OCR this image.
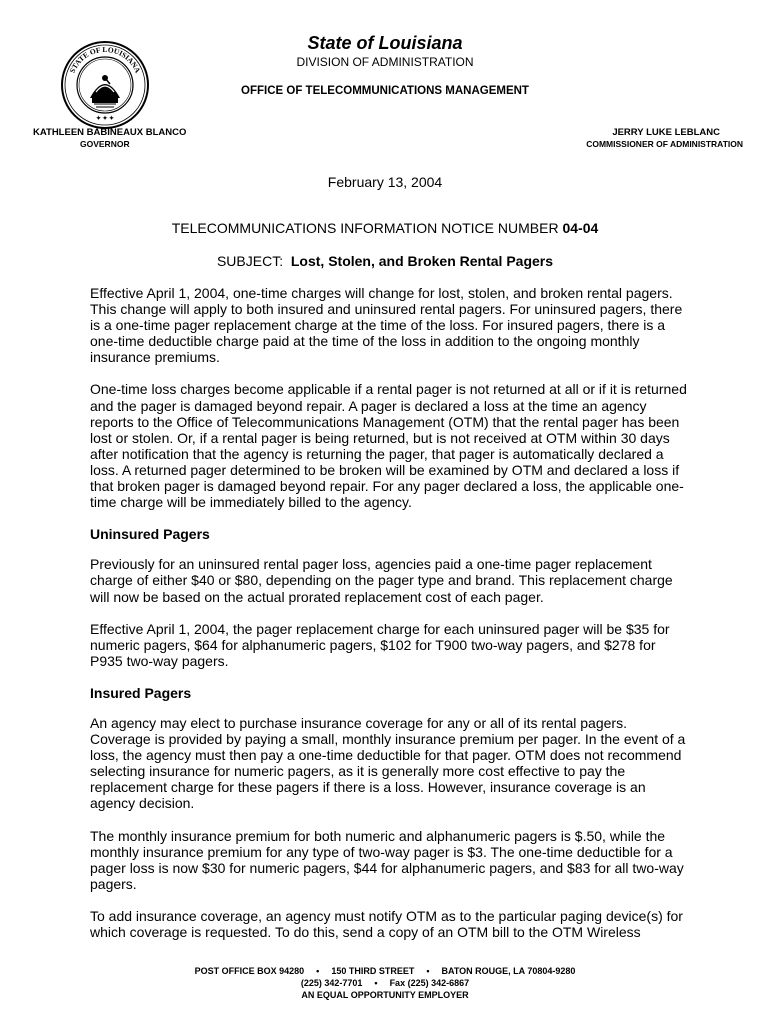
STATE OF LOUISIANA
✦ ✦ ✦
State of Louisiana
DIVISION OF ADMINISTRATION
OFFICE OF TELECOMMUNICATIONS MANAGEMENT
KATHLEEN BABINEAUX BLANCO
GOVERNOR
JERRY LUKE LEBLANC
COMMISSIONER OF ADMINISTRATION
February 13, 2004
TELECOMMUNICATIONS INFORMATION NOTICE NUMBER 04-04
SUBJECT:  Lost, Stolen, and Broken Rental Pagers

Effective April 1, 2004, one-time charges will change for lost, stolen, and broken rental pagers. This change will apply to both insured and uninsured rental pagers. For uninsured pagers, there is a one-time pager replacement charge at the time of the loss. For insured pagers, there is a one-time deductible charge paid at the time of the loss in addition to the ongoing monthly insurance premiums.

One-time loss charges become applicable if a rental pager is not returned at all or if it is returned and the pager is damaged beyond repair. A pager is declared a loss at the time an agency reports to the Office of Telecommunications Management (OTM) that the rental pager has been lost or stolen. Or, if a rental pager is being returned, but is not received at OTM within 30 days after notification that the agency is returning the pager, that pager is automatically declared a loss. A returned pager determined to be broken will be examined by OTM and declared a loss if that broken pager is damaged beyond repair. For any pager declared a loss, the applicable one-time charge will be immediately billed to the agency.

Uninsured Pagers

Previously for an uninsured rental pager loss, agencies paid a one-time pager replacement charge of either $40 or $80, depending on the pager type and brand. This replacement charge will now be based on the actual prorated replacement cost of each pager.

Effective April 1, 2004, the pager replacement charge for each uninsured pager will be $35 for numeric pagers, $64 for alphanumeric pagers, $102 for T900 two-way pagers, and $278 for P935 two-way pagers.

Insured Pagers

An agency may elect to purchase insurance coverage for any or all of its rental pagers. Coverage is provided by paying a small, monthly insurance premium per pager. In the event of a loss, the agency must then pay a one-time deductible for that pager. OTM does not recommend selecting insurance for numeric pagers, as it is generally more cost effective to pay the replacement charge for these pagers if there is a loss. However, insurance coverage is an agency decision.

The monthly insurance premium for both numeric and alphanumeric pagers is $.50, while the monthly insurance premium for any type of two-way pager is $3. The one-time deductible for a pager loss is now $30 for numeric pagers, $44 for alphanumeric pagers, and $83 for all two-way pagers.

To add insurance coverage, an agency must notify OTM as to the particular paging device(s) for which coverage is requested. To do this, send a copy of an OTM bill to the OTM Wireless

POST OFFICE BOX 94280 • 150 THIRD STREET • BATON ROUGE, LA 70804-9280
(225) 342-7701 • Fax (225) 342-6867
AN EQUAL OPPORTUNITY EMPLOYER
